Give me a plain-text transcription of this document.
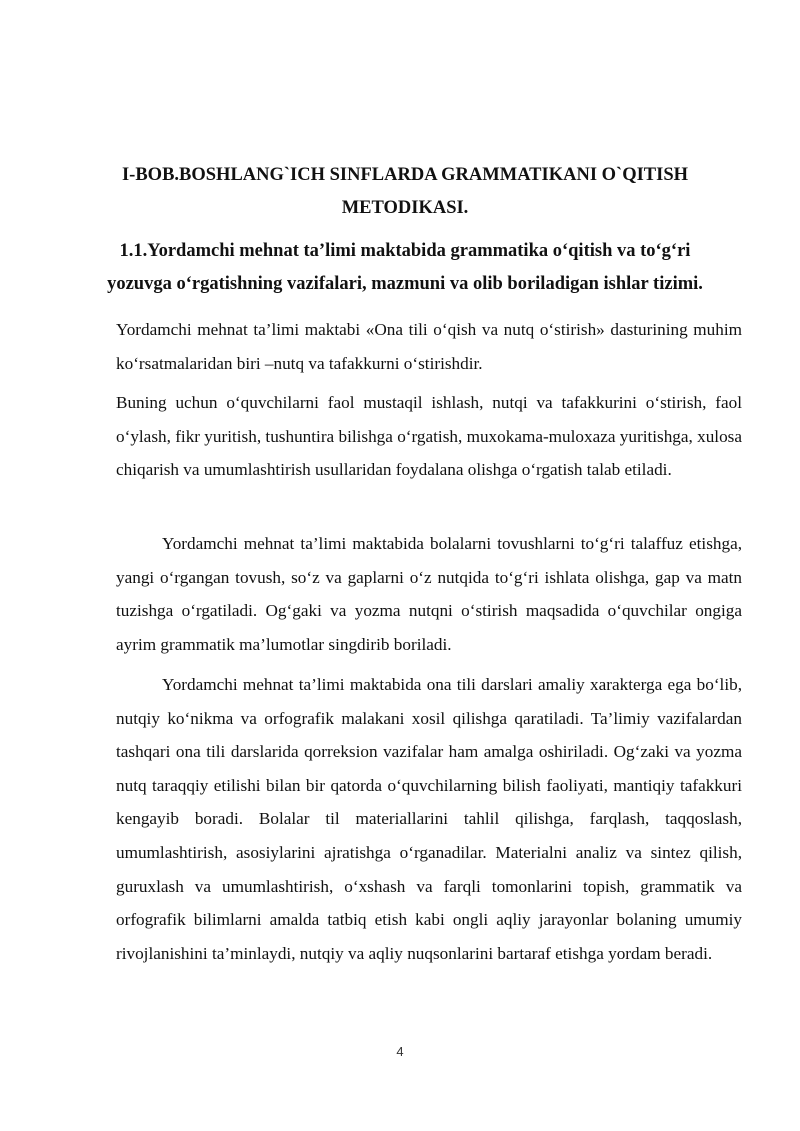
I-BOB.BOSHLANG`ICH SINFLARDA GRAMMATIKANI O`QITISH METODIKASI.
1.1.Yordamchi mehnat ta’limi maktabida grammatika o‘qitish va to‘g‘ri yozuvga o‘rgatishning vazifalari, mazmuni va olib boriladigan ishlar tizimi.

Yordamchi mehnat ta’limi maktabi «Ona tili o‘qish va nutq o‘stirish» dasturining muhim ko‘rsatmalaridan biri –nutq va tafakkurni o‘stirishdir.

Buning uchun o‘quvchilarni faol mustaqil ishlash, nutqi va tafakkurini o‘stirish, faol o‘ylash, fikr yuritish, tushuntira bilishga o‘rgatish, muxokama-muloxaza yuritishga, xulosa chiqarish va umumlashtirish usullaridan foydalana olishga o‘rgatish talab etiladi.

Yordamchi mehnat ta’limi maktabida bolalarni tovushlarni to‘g‘ri talaffuz etishga, yangi o‘rgangan tovush, so‘z va gaplarni o‘z nutqida to‘g‘ri ishlata olishga, gap va matn tuzishga o‘rgatiladi. Og‘gaki va yozma nutqni o‘stirish maqsadida o‘quvchilar ongiga ayrim grammatik ma’lumotlar singdirib boriladi.

Yordamchi mehnat ta’limi maktabida ona tili darslari amaliy xarakterga ega bo‘lib, nutqiy ko‘nikma va orfografik malakani xosil qilishga qaratiladi. Ta’limiy vazifalardan tashqari ona tili darslarida qorreksion vazifalar ham amalga oshiriladi. Og‘zaki va yozma nutq taraqqiy etilishi bilan bir qatorda o‘quvchilarning bilish faoliyati, mantiqiy tafakkuri kengayib boradi. Bolalar til materiallarini tahlil qilishga, farqlash, taqqoslash, umumlashtirish, asosiylarini ajratishga o‘rganadilar. Materialni analiz va sintez qilish, guruxlash va umumlashtirish, o‘xshash va farqli tomonlarini topish, grammatik va orfografik bilimlarni amalda tatbiq etish kabi ongli aqliy jarayonlar bolaning umumiy rivojlanishini ta’minlaydi, nutqiy va aqliy nuqsonlarini bartaraf etishga yordam beradi.

4
